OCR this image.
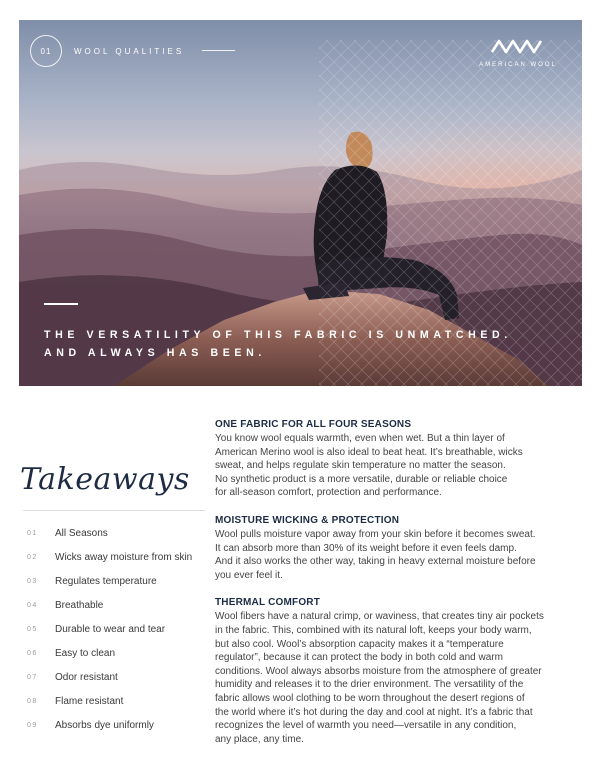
01	WOOL QUALITIES
AMERICAN WOOL
THE VERSATILITY OF THIS FABRIC IS UNMATCHED.
AND ALWAYS HAS BEEN.
Takeaways
01	All Seasons
02	Wicks away moisture from skin
03	Regulates temperature
04	Breathable
05	Durable to wear and tear
06	Easy to clean
07	Odor resistant
08	Flame resistant
09	Absorbs dye uniformly
ONE FABRIC FOR ALL FOUR SEASONS

You know wool equals warmth, even when wet. But a thin layer of
American Merino wool is also ideal to beat heat. It’s breathable, wicks
sweat, and helps regulate skin temperature no matter the season.
No synthetic product is a more versatile, durable or reliable choice
for all-season comfort, protection and performance.

MOISTURE WICKING & PROTECTION

Wool pulls moisture vapor away from your skin before it becomes sweat.
It can absorb more than 30% of its weight before it even feels damp.
And it also works the other way, taking in heavy external moisture before
you ever feel it.

THERMAL COMFORT

Wool fibers have a natural crimp, or waviness, that creates tiny air pockets
in the fabric. This, combined with its natural loft, keeps your body warm,
but also cool. Wool’s absorption capacity makes it a “temperature
regulator”, because it can protect the body in both cold and warm
conditions. Wool always absorbs moisture from the atmosphere of greater
humidity and releases it to the drier environment. The versatility of the
fabric allows wool clothing to be worn throughout the desert regions of
the world where it’s hot during the day and cool at night. It’s a fabric that
recognizes the level of warmth you need—versatile in any condition,
any place, any time.
